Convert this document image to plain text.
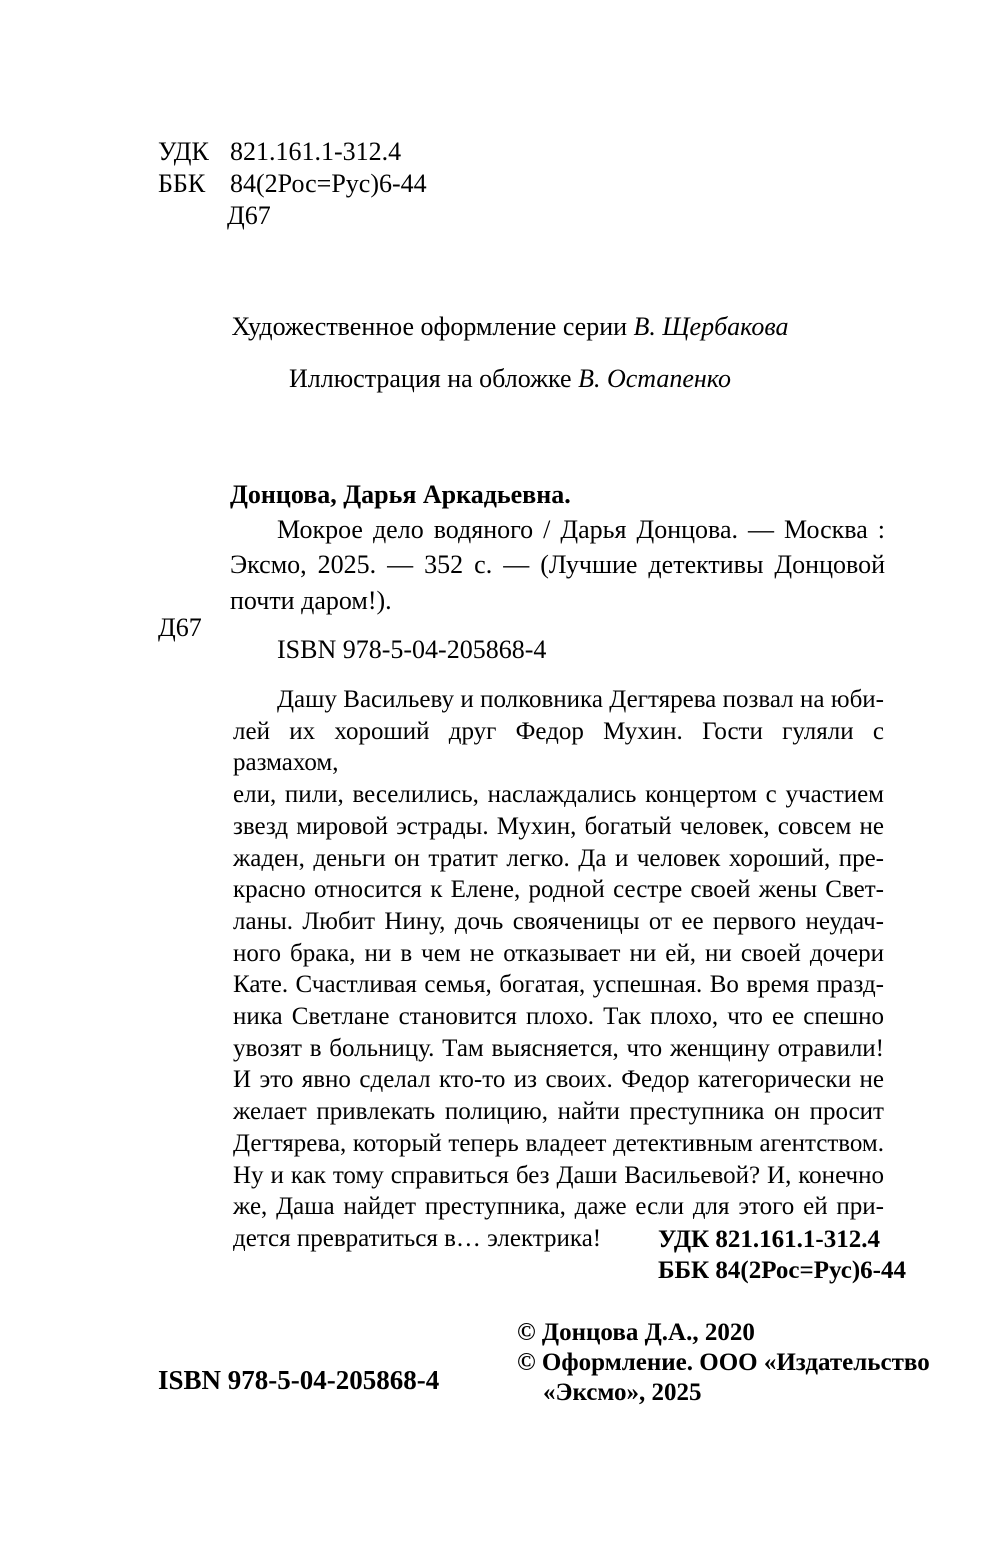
УДК 821.161.1-312.4
ББК 84(2Рос=Рус)6-44
Д67
Художественное оформление серии В. Щербакова
Иллюстрация на обложке В. Остапенко
Д67
Донцова, Дарья Аркадьевна.
Мокрое дело водяного / Дарья Донцова. — Москва :
Эксмо, 2025. — 352 с. — (Лучшие детективы Донцовой
почти даром!).
ISBN 978-5-04-205868-4
Дашу Васильеву и полковника Дегтярева позвал на юби-
лей их хороший друг Федор Мухин. Гости гуляли с размахом,
ели, пили, веселились, наслаждались концертом с участием
звезд мировой эстрады. Мухин, богатый человек, совсем не
жаден, деньги он тратит легко. Да и человек хороший, пре-
красно относится к Елене, родной сестре своей жены Свет-
ланы. Любит Нину, дочь свояченицы от ее первого неудач-
ного брака, ни в чем не отказывает ни ей, ни своей дочери
Кате. Счастливая семья, богатая, успешная. Во время празд-
ника Светлане становится плохо. Так плохо, что ее спешно
увозят в больницу. Там выясняется, что женщину отравили!
И это явно сделал кто-то из своих. Федор категорически не
желает привлекать полицию, найти преступника он просит
Дегтярева, который теперь владеет детективным агентством.
Ну и как тому справиться без Даши Васильевой? И, конечно
же, Даша найдет преступника, даже если для этого ей при-
дется превратиться в… электрика!	УДК 821.161.1-312.4
ББК 84(2Рос=Рус)6-44
© Донцова Д.А., 2020
© Оформление. ООО «Издательство
«Эксмо», 2025
ISBN 978-5-04-205868-4
